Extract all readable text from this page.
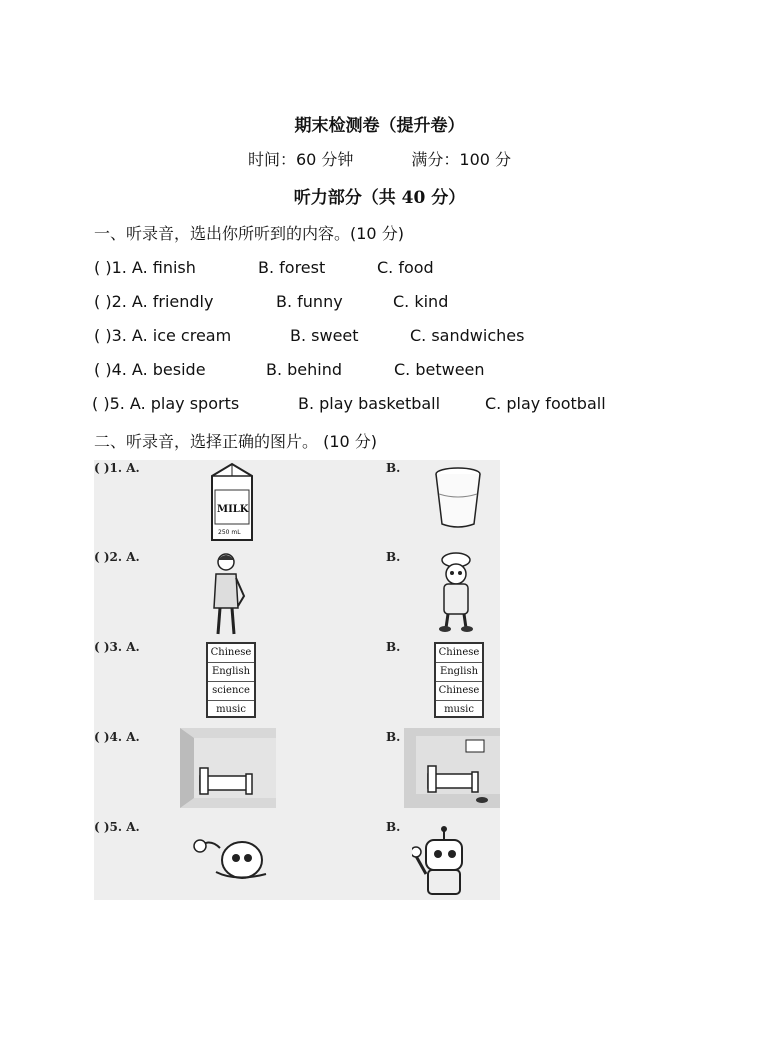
期末检测卷（提升卷）
时间：60 分钟	满分：100 分
听力部分（共 40 分）
一、听录音，选出你所听到的内容。(10 分)
( )1. A. finish	B. forest	C. food
( )2. A. friendly	B. funny	C. kind
( )3. A. ice cream	B. sweet	C. sandwiches
( )4. A. beside	B. behind	C. between
( )5. A. play sports	B. play basketball	C. play football
二、听录音，选择正确的图片。 (10 分)
( )1. A.	B.
MILK
250 mL
( )2. A.	B.
( )3. A.	B.
Chinese
English
science
music
Chinese
English
Chinese
music
( )4. A.	B.
( )5. A.	B.
